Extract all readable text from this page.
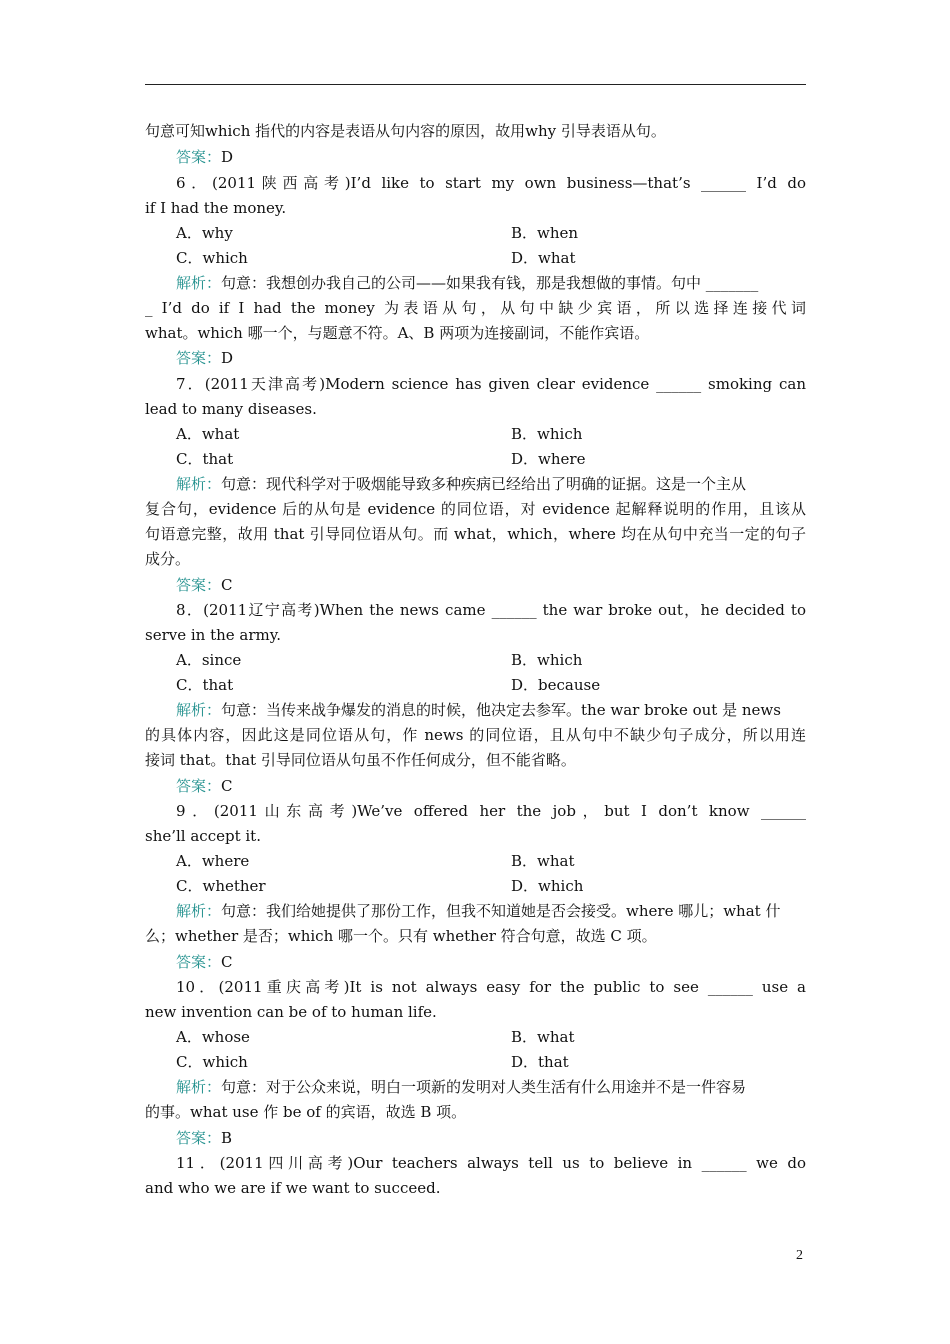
句意可知which 指代的内容是表语从句内容的原因，故用why 引导表语从句。
答案：D
6．(2011陕西高考)I’d like to start my own business—that’s ______ I’d do
if I had the money.
A．why	B．when
C．which	D．what
解析：句意：我想创办我自己的公司——如果我有钱，那是我想做的事情。句中 _______
_ I’d do if I had the money 为表语从句，从句中缺少宾语，所以选择连接代词
what。which 哪一个，与题意不符。A、B 两项为连接副词，不能作宾语。
答案：D
7．(2011天津高考)Modern science has given clear evidence ______ smoking can
lead to many diseases.
A．what	B．which
C．that	D．where
解析：句意：现代科学对于吸烟能导致多种疾病已经给出了明确的证据。这是一个主从
复合句，evidence 后的从句是 evidence 的同位语，对 evidence 起解释说明的作用，且该从
句语意完整，故用 that 引导同位语从句。而 what，which，where 均在从句中充当一定的句子
成分。
答案：C
8．(2011辽宁高考)When the news came ______ the war broke out，he decided to
serve in the army.
A．since	B．which
C．that	D．because
解析：句意：当传来战争爆发的消息的时候，他决定去参军。the war broke out 是 news
的具体内容，因此这是同位语从句，作 news 的同位语，且从句中不缺少句子成分，所以用连
接词 that。that 引导同位语从句虽不作任何成分，但不能省略。
答案：C
9．(2011山东高考)We’ve offered her the job，but I don’t know ______
she’ll accept it.
A．where	B．what
C．whether	D．which
解析：句意：我们给她提供了那份工作，但我不知道她是否会接受。where 哪儿；what 什
么；whether 是否；which 哪一个。只有 whether 符合句意，故选 C 项。
答案：C
10．(2011重庆高考)It is not always easy for the public to see ______ use a
new invention can be of to human life.
A．whose	B．what
C．which	D．that
解析：句意：对于公众来说，明白一项新的发明对人类生活有什么用途并不是一件容易
的事。what use 作 be of 的宾语，故选 B 项。
答案：B
11．(2011四川高考)Our teachers always tell us to believe in ______ we do
and who we are if we want to succeed.
2
